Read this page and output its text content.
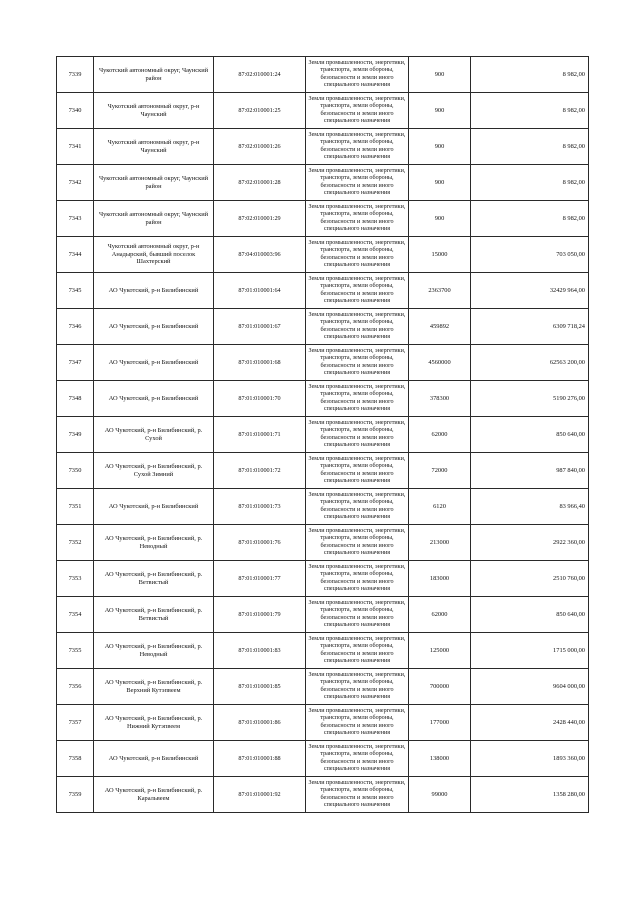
7339	Чукотский автономный округ, Чаунский район	87:02:010001:24	Земли промышленности, энергетики, транспорта, земли обороны, безопасности и земли иного специального назначения	900	8 982,00
7340	Чукотский автономный округ, р-н Чаунский	87:02:010001:25	Земли промышленности, энергетики, транспорта, земли обороны, безопасности и земли иного специального назначения	900	8 982,00
7341	Чукотский автономный округ, р-н Чаунский	87:02:010001:26	Земли промышленности, энергетики, транспорта, земли обороны, безопасности и земли иного специального назначения	900	8 982,00
7342	Чукотский автономный округ, Чаунский район	87:02:010001:28	Земли промышленности, энергетики, транспорта, земли обороны, безопасности и земли иного специального назначения	900	8 982,00
7343	Чукотский автономный округ, Чаунский район	87:02:010001:29	Земли промышленности, энергетики, транспорта, земли обороны, безопасности и земли иного специального назначения	900	8 982,00
7344	Чукотский автономный округ, р-н Анадырский, бывший поселок Шахтерский	87:04:010003:96	Земли промышленности, энергетики, транспорта, земли обороны, безопасности и земли иного специального назначения	15000	703 050,00
7345	АО Чукотский, р-н Билибинский	87:01:010001:64	Земли промышленности, энергетики, транспорта, земли обороны, безопасности и земли иного специального назначения	2363700	32429 964,00
7346	АО Чукотский, р-н Билибинский	87:01:010001:67	Земли промышленности, энергетики, транспорта, земли обороны, безопасности и земли иного специального назначения	459892	6309 718,24
7347	АО Чукотский, р-н Билибинский	87:01:010001:68	Земли промышленности, энергетики, транспорта, земли обороны, безопасности и земли иного специального назначения	4560000	62563 200,00
7348	АО Чукотский, р-н Билибинский	87:01:010001:70	Земли промышленности, энергетики, транспорта, земли обороны, безопасности и земли иного специального назначения	378300	5190 276,00
7349	АО Чукотский, р-н Билибинский, р. Сухой	87:01:010001:71	Земли промышленности, энергетики, транспорта, земли обороны, безопасности и земли иного специального назначения	62000	850 640,00
7350	АО Чукотский, р-н Билибинский, р. Сухой Зимний	87:01:010001:72	Земли промышленности, энергетики, транспорта, земли обороны, безопасности и земли иного специального назначения	72000	987 840,00
7351	АО Чукотский, р-н Билибинский	87:01:010001:73	Земли промышленности, энергетики, транспорта, земли обороны, безопасности и земли иного специального назначения	6120	83 966,40
7352	АО Чукотский, р-н Билибинский, р. Неводный	87:01:010001:76	Земли промышленности, энергетики, транспорта, земли обороны, безопасности и земли иного специального назначения	213000	2922 360,00
7353	АО Чукотский, р-н Билибинский, р. Ветвистый	87:01:010001:77	Земли промышленности, энергетики, транспорта, земли обороны, безопасности и земли иного специального назначения	183000	2510 760,00
7354	АО Чукотский, р-н Билибинский, р. Ветвистый	87:01:010001:79	Земли промышленности, энергетики, транспорта, земли обороны, безопасности и земли иного специального назначения	62000	850 640,00
7355	АО Чукотский, р-н Билибинский, р. Неводный	87:01:010001:83	Земли промышленности, энергетики, транспорта, земли обороны, безопасности и земли иного специального назначения	125000	1715 000,00
7356	АО Чукотский, р-н Билибинский, р. Верхний Кутэпвеем	87:01:010001:85	Земли промышленности, энергетики, транспорта, земли обороны, безопасности и земли иного специального назначения	700000	9604 000,00
7357	АО Чукотский, р-н Билибинский, р. Нижний Кутэпвеем	87:01:010001:86	Земли промышленности, энергетики, транспорта, земли обороны, безопасности и земли иного специального назначения	177000	2428 440,00
7358	АО Чукотский, р-н Билибинский	87:01:010001:88	Земли промышленности, энергетики, транспорта, земли обороны, безопасности и земли иного специального назначения	138000	1893 360,00
7359	АО Чукотский, р-н Билибинский, р. Каральвеем	87:01:010001:92	Земли промышленности, энергетики, транспорта, земли обороны, безопасности и земли иного специального назначения	99000	1358 280,00
